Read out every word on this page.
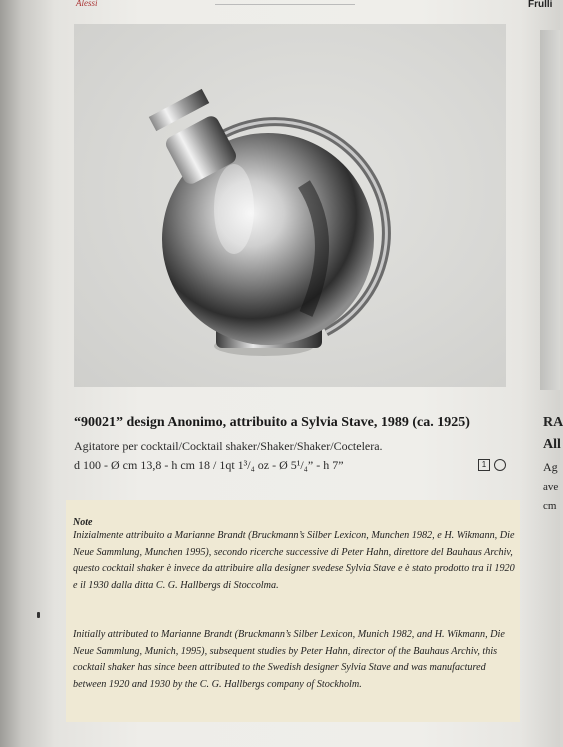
Alessi	Frulli
“90021” design Anonimo, attribuito a Sylvia Stave, 1989 (ca. 1925)
Agitatore per cocktail/Cocktail shaker/Shaker/Shaker/Coctelera.
d 100 - Ø cm 13,8 - h cm 18 / 1qt 1³/₄ oz - Ø 5¹/₄” - h 7”	1
RA
All
Ag
ave
cm
Note
Inizialmente attribuito a Marianne Brandt (Bruckmann’s Silber Lexicon, Munchen 1982, e H. Wikmann, Die Neue Sammlung, Munchen 1995), secondo ricerche successive di Peter Hahn, direttore del Bauhaus Archiv, questo cocktail shaker è invece da attribuire alla designer svedese Sylvia Stave e è stato prodotto tra il 1920 e il 1930 dalla ditta C. G. Hallbergs di Stoccolma.
Initially attributed to Marianne Brandt (Bruckmann’s Silber Lexicon, Munich 1982, and H. Wikmann, Die Neue Sammlung, Munich, 1995), subsequent studies by Peter Hahn, director of the Bauhaus Archiv, this cocktail shaker has since been attributed to the Swedish designer Sylvia Stave and was manufactured between 1920 and 1930 by the C. G. Hallbergs company of Stockholm.
